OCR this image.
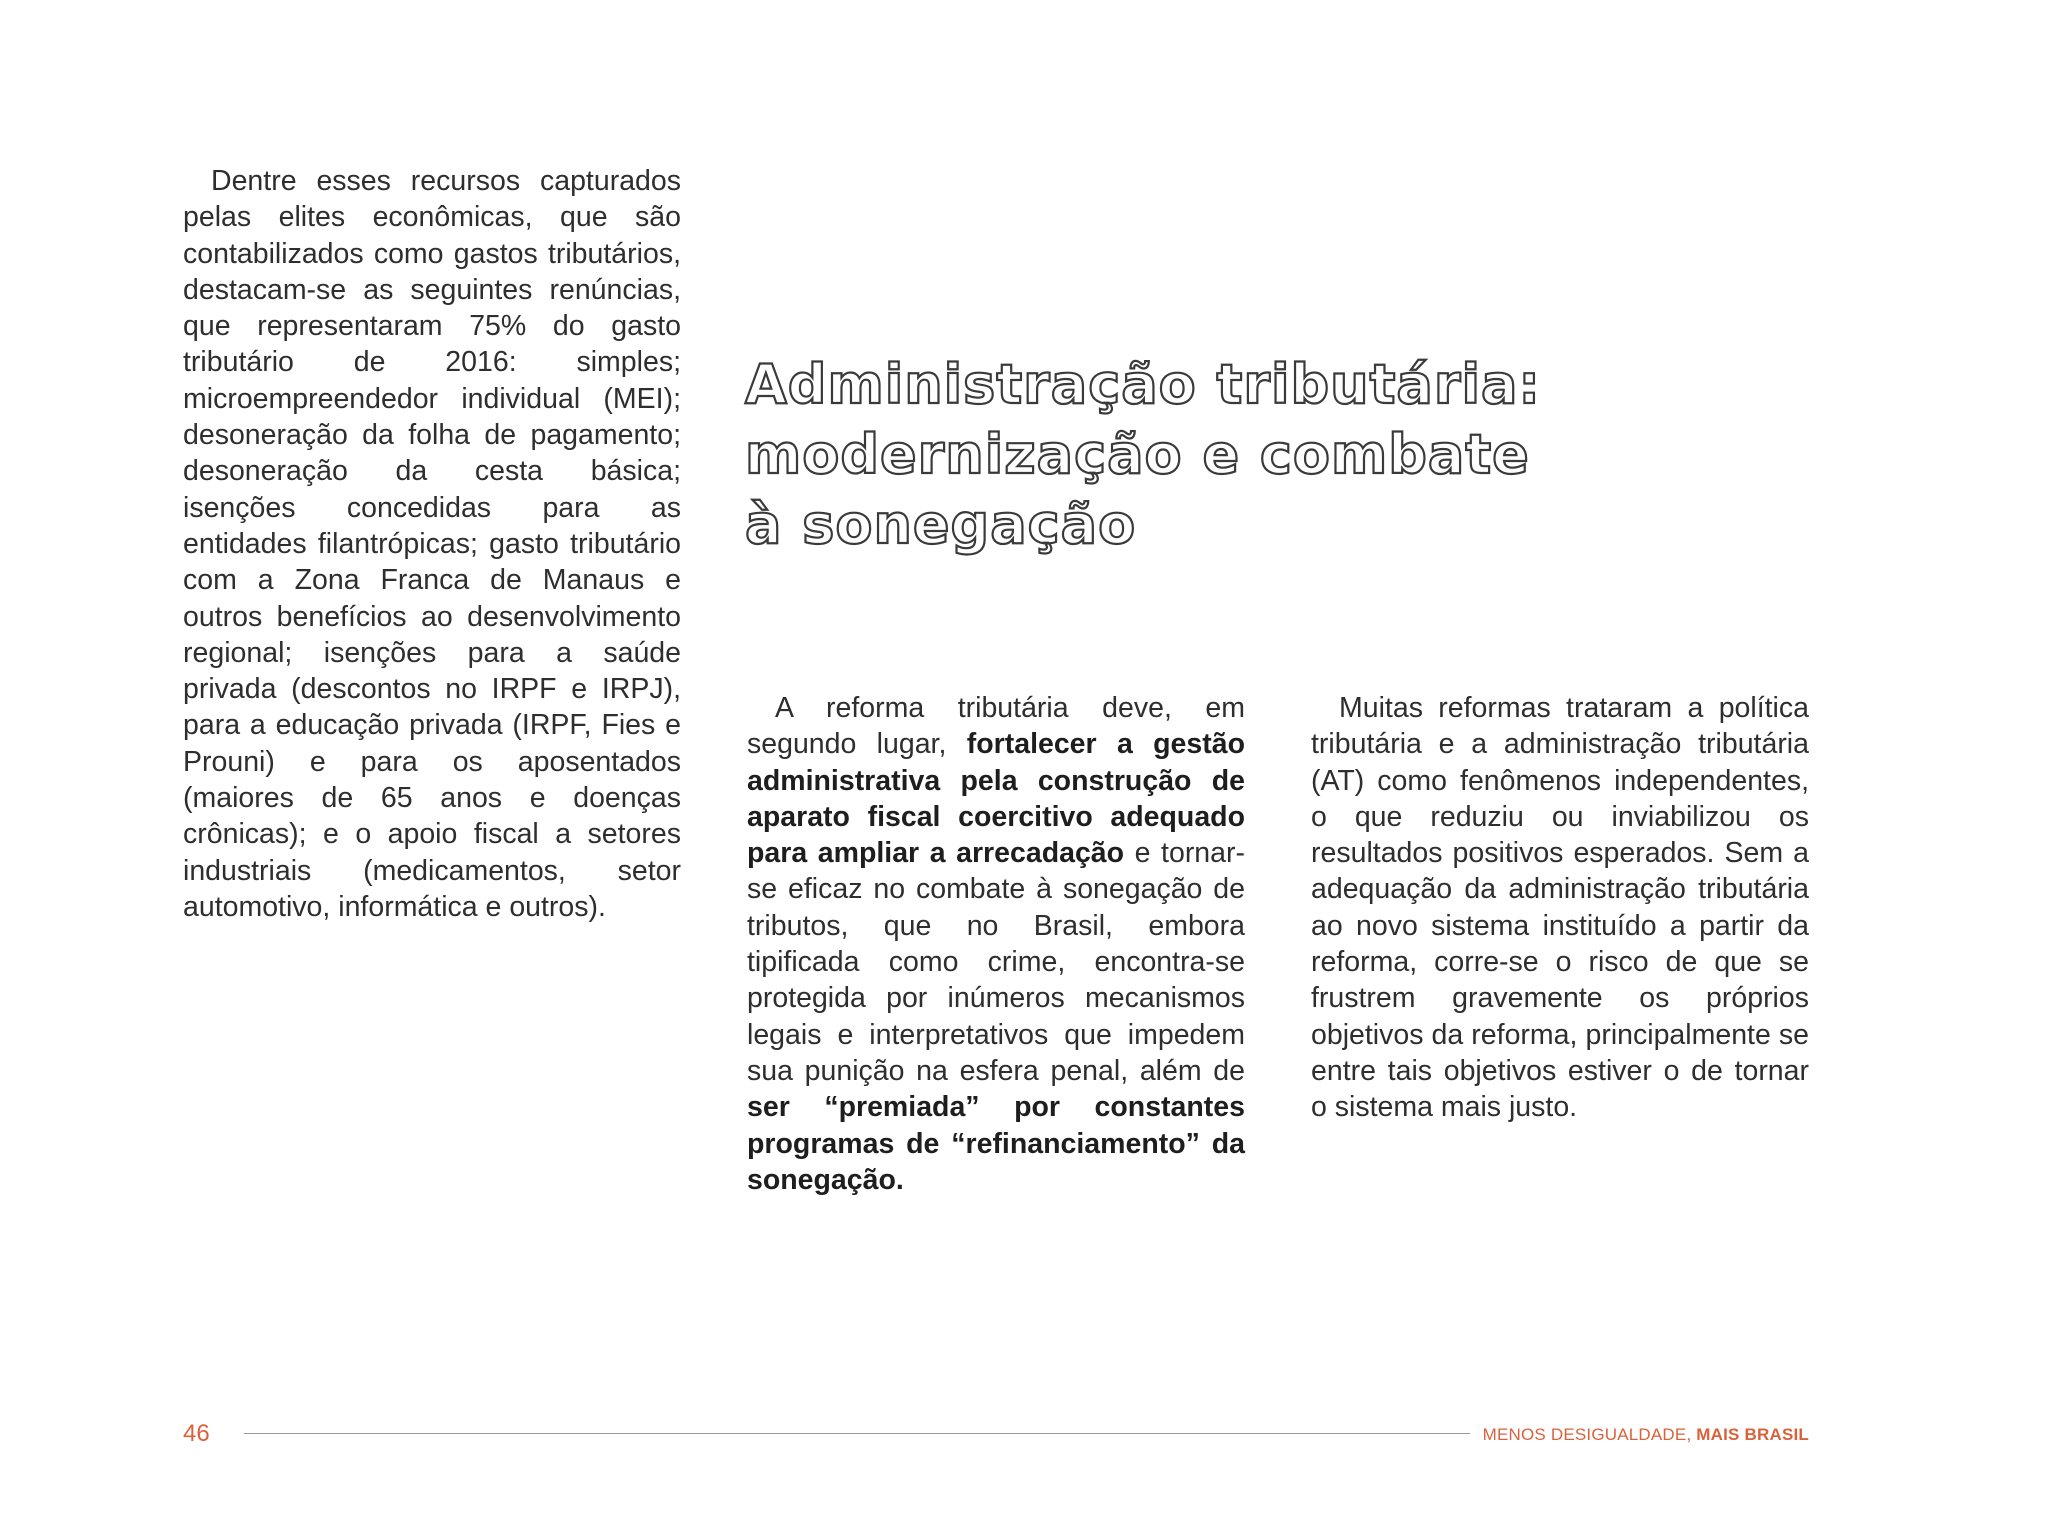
Dentre esses recursos capturados pelas elites econômicas, que são contabilizados como gastos tributários, destacam-se as seguintes renúncias, que representaram 75% do gasto tributário de 2016: simples; microempreendedor individual (MEI); desoneração da folha de pagamento; desoneração da cesta básica; isenções concedidas para as entidades filantrópicas; gasto tributário com a Zona Franca de Manaus e outros benefícios ao desenvolvimento regional; isenções para a saúde privada (descontos no IRPF e IRPJ), para a educação privada (IRPF, Fies e Prouni) e para os aposentados (maiores de 65 anos e doenças crônicas); e o apoio fiscal a setores industriais (medicamentos, setor automotivo, informática e outros).

Administração tributária:
modernização e combate
à sonegação

A reforma tributária deve, em segundo lugar, fortalecer a gestão administrativa pela construção de aparato fiscal coercitivo adequado para ampliar a arrecadação e tornar-se eficaz no combate à sonegação de tributos, que no Brasil, embora tipificada como crime, encontra-se protegida por inúmeros mecanismos legais e interpretativos que impedem sua punição na esfera penal, além de ser “premiada” por constantes programas de “refinanciamento” da sonegação.

Muitas reformas trataram a política tributária e a administração tributária (AT) como fenômenos independentes, o que reduziu ou inviabilizou os resultados positivos esperados. Sem a adequação da administração tributária ao novo sistema instituído a partir da reforma, corre-se o risco de que se frustrem gravemente os próprios objetivos da reforma, principalmente se entre tais objetivos estiver o de tornar o sistema mais justo.

46	MENOS DESIGUALDADE, MAIS BRASIL
